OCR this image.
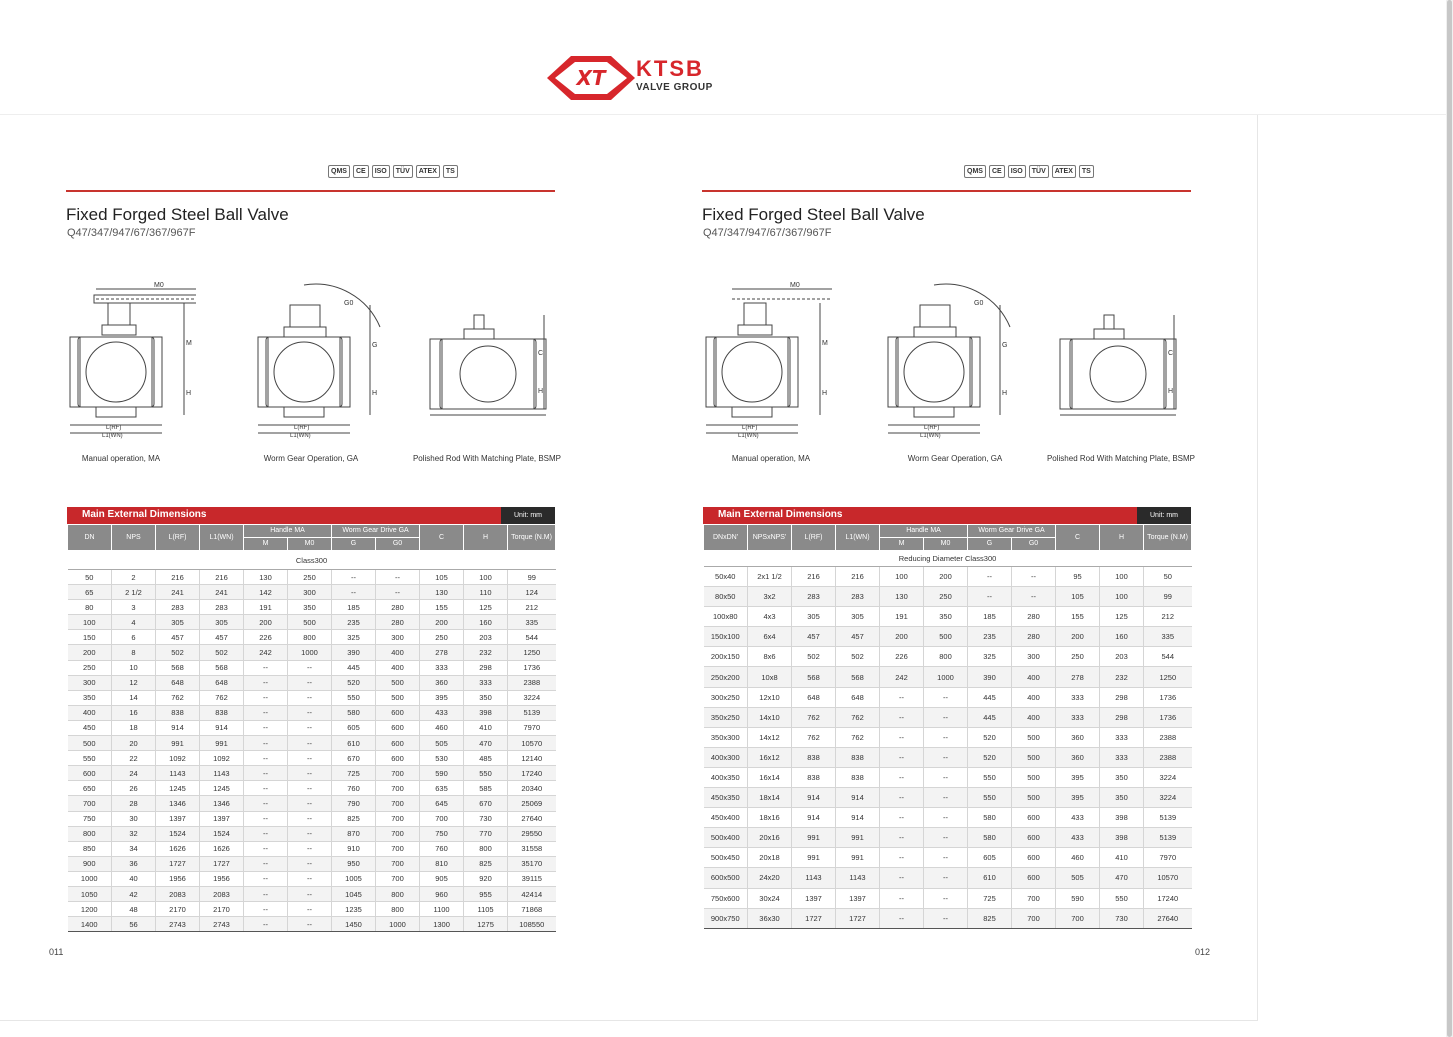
XT KTSB
VALVE GROUP
QMS	CE	ISO	TÜV	ATEX	TS
Fixed Forged Steel Ball Valve
Q47/347/947/67/367/967F
M0
M
H
L(RF)
L1(WN)
Manual operation, MA
G0
G
H
L(RF)
L1(WN)
Worm Gear Operation, GA
C
H
Polished Rod With Matching Plate, BSMP
Main External Dimensions	Unit: mm
DN	NPS	L(RF)	L1(WN)	Handle MA		Worm Gear Drive GA		C	H	Torque (N.M)
				M	M0	G	G0			
Class300										
50	2	216	216	130	250	--	--	105	100	99
65	2 1/2	241	241	142	300	--	--	130	110	124
80	3	283	283	191	350	185	280	155	125	212
100	4	305	305	200	500	235	280	200	160	335
150	6	457	457	226	800	325	300	250	203	544
200	8	502	502	242	1000	390	400	278	232	1250
250	10	568	568	--	--	445	400	333	298	1736
300	12	648	648	--	--	520	500	360	333	2388
350	14	762	762	--	--	550	500	395	350	3224
400	16	838	838	--	--	580	600	433	398	5139
450	18	914	914	--	--	605	600	460	410	7970
500	20	991	991	--	--	610	600	505	470	10570
550	22	1092	1092	--	--	670	600	530	485	12140
600	24	1143	1143	--	--	725	700	590	550	17240
650	26	1245	1245	--	--	760	700	635	585	20340
700	28	1346	1346	--	--	790	700	645	670	25069
750	30	1397	1397	--	--	825	700	700	730	27640
800	32	1524	1524	--	--	870	700	750	770	29550
850	34	1626	1626	--	--	910	700	760	800	31558
900	36	1727	1727	--	--	950	700	810	825	35170
1000	40	1956	1956	--	--	1005	700	905	920	39115
1050	42	2083	2083	--	--	1045	800	960	955	42414
1200	48	2170	2170	--	--	1235	800	1100	1105	71868
1400	56	2743	2743	--	--	1450	1000	1300	1275	108550
011
QMS	CE	ISO	TÜV	ATEX	TS
Fixed Forged Steel Ball Valve
Q47/347/947/67/367/967F
M0
M
H
L(RF)
L1(WN)
Manual operation, MA
G0
G
H
L(RF)
L1(WN)
Worm Gear Operation, GA
C
H
Polished Rod With Matching Plate, BSMP
Main External Dimensions	Unit: mm
DNxDN'	NPSxNPS'	L(RF)	L1(WN)	Handle MA		Worm Gear Drive GA		C	H	Torque (N.M)
				M	M0	G	G0			
Reducing Diameter Class300										
50x40	2x1 1/2	216	216	100	200	--	--	95	100	50
80x50	3x2	283	283	130	250	--	--	105	100	99
100x80	4x3	305	305	191	350	185	280	155	125	212
150x100	6x4	457	457	200	500	235	280	200	160	335
200x150	8x6	502	502	226	800	325	300	250	203	544
250x200	10x8	568	568	242	1000	390	400	278	232	1250
300x250	12x10	648	648	--	--	445	400	333	298	1736
350x250	14x10	762	762	--	--	445	400	333	298	1736
350x300	14x12	762	762	--	--	520	500	360	333	2388
400x300	16x12	838	838	--	--	520	500	360	333	2388
400x350	16x14	838	838	--	--	550	500	395	350	3224
450x350	18x14	914	914	--	--	550	500	395	350	3224
450x400	18x16	914	914	--	--	580	600	433	398	5139
500x400	20x16	991	991	--	--	580	600	433	398	5139
500x450	20x18	991	991	--	--	605	600	460	410	7970
600x500	24x20	1143	1143	--	--	610	600	505	470	10570
750x600	30x24	1397	1397	--	--	725	700	590	550	17240
900x750	36x30	1727	1727	--	--	825	700	700	730	27640
012
